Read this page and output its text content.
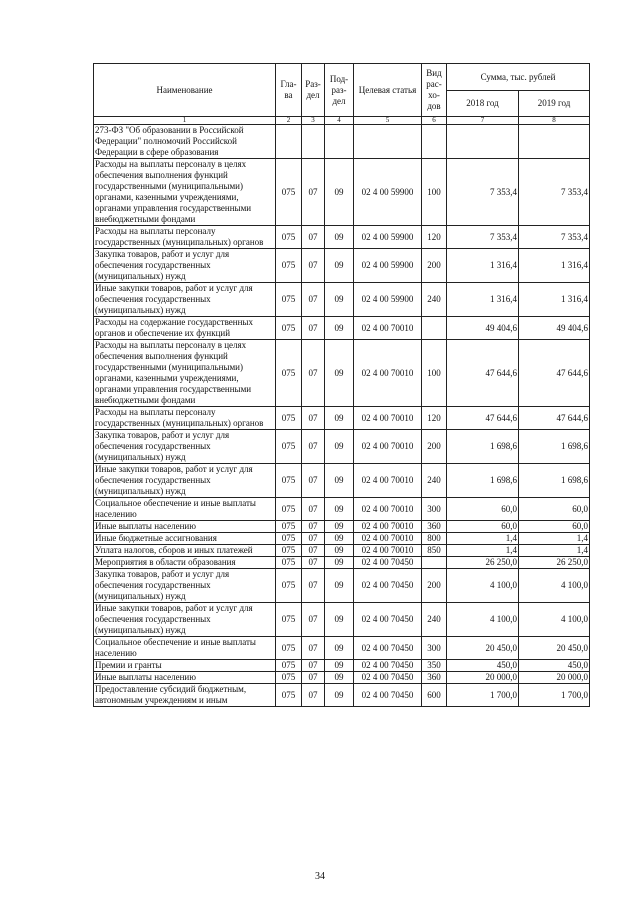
Наименование	Гла-ва	Раз-дел	Под-раз-дел	Целевая статья	Вид рас-хо-дов	Сумма, тыс. рублей	
						2018 год	2019 год
1	2	3	4	5	6	7	8
273-ФЗ "Об образовании в Российской Федерации" полномочий Российской Федерации в сфере образования							
Расходы на выплаты персоналу в целях обеспечения выполнения функций государственными (муниципальными) органами, казенными учреждениями, органами управления государственными внебюджетными фондами	075	07	09	02 4 00 59900	100	7 353,4	7 353,4
Расходы на выплаты персоналу государственных (муниципальных) органов	075	07	09	02 4 00 59900	120	7 353,4	7 353,4
Закупка товаров, работ и услуг для обеспечения государственных (муниципальных) нужд	075	07	09	02 4 00 59900	200	1 316,4	1 316,4
Иные закупки товаров, работ и услуг для обеспечения государственных (муниципальных) нужд	075	07	09	02 4 00 59900	240	1 316,4	1 316,4
Расходы на содержание государственных органов и обеспечение их функций	075	07	09	02 4 00 70010		49 404,6	49 404,6
Расходы на выплаты персоналу в целях обеспечения выполнения функций государственными (муниципальными) органами, казенными учреждениями, органами управления государственными внебюджетными фондами	075	07	09	02 4 00 70010	100	47 644,6	47 644,6
Расходы на выплаты персоналу государственных (муниципальных) органов	075	07	09	02 4 00 70010	120	47 644,6	47 644,6
Закупка товаров, работ и услуг для обеспечения государственных (муниципальных) нужд	075	07	09	02 4 00 70010	200	1 698,6	1 698,6
Иные закупки товаров, работ и услуг для обеспечения государственных (муниципальных) нужд	075	07	09	02 4 00 70010	240	1 698,6	1 698,6
Социальное обеспечение и иные выплаты населению	075	07	09	02 4 00 70010	300	60,0	60,0
Иные выплаты населению	075	07	09	02 4 00 70010	360	60,0	60,0
Иные бюджетные ассигнования	075	07	09	02 4 00 70010	800	1,4	1,4
Уплата налогов, сборов и иных платежей	075	07	09	02 4 00 70010	850	1,4	1,4
Мероприятия в области образования	075	07	09	02 4 00 70450		26 250,0	26 250,0
Закупка товаров, работ и услуг для обеспечения государственных (муниципальных) нужд	075	07	09	02 4 00 70450	200	4 100,0	4 100,0
Иные закупки товаров, работ и услуг для обеспечения государственных (муниципальных) нужд	075	07	09	02 4 00 70450	240	4 100,0	4 100,0
Социальное обеспечение и иные выплаты населению	075	07	09	02 4 00 70450	300	20 450,0	20 450,0
Премии и гранты	075	07	09	02 4 00 70450	350	450,0	450,0
Иные выплаты населению	075	07	09	02 4 00 70450	360	20 000,0	20 000,0
Предоставление субсидий бюджетным, автономным учреждениям и иным	075	07	09	02 4 00 70450	600	1 700,0	1 700,0
34
